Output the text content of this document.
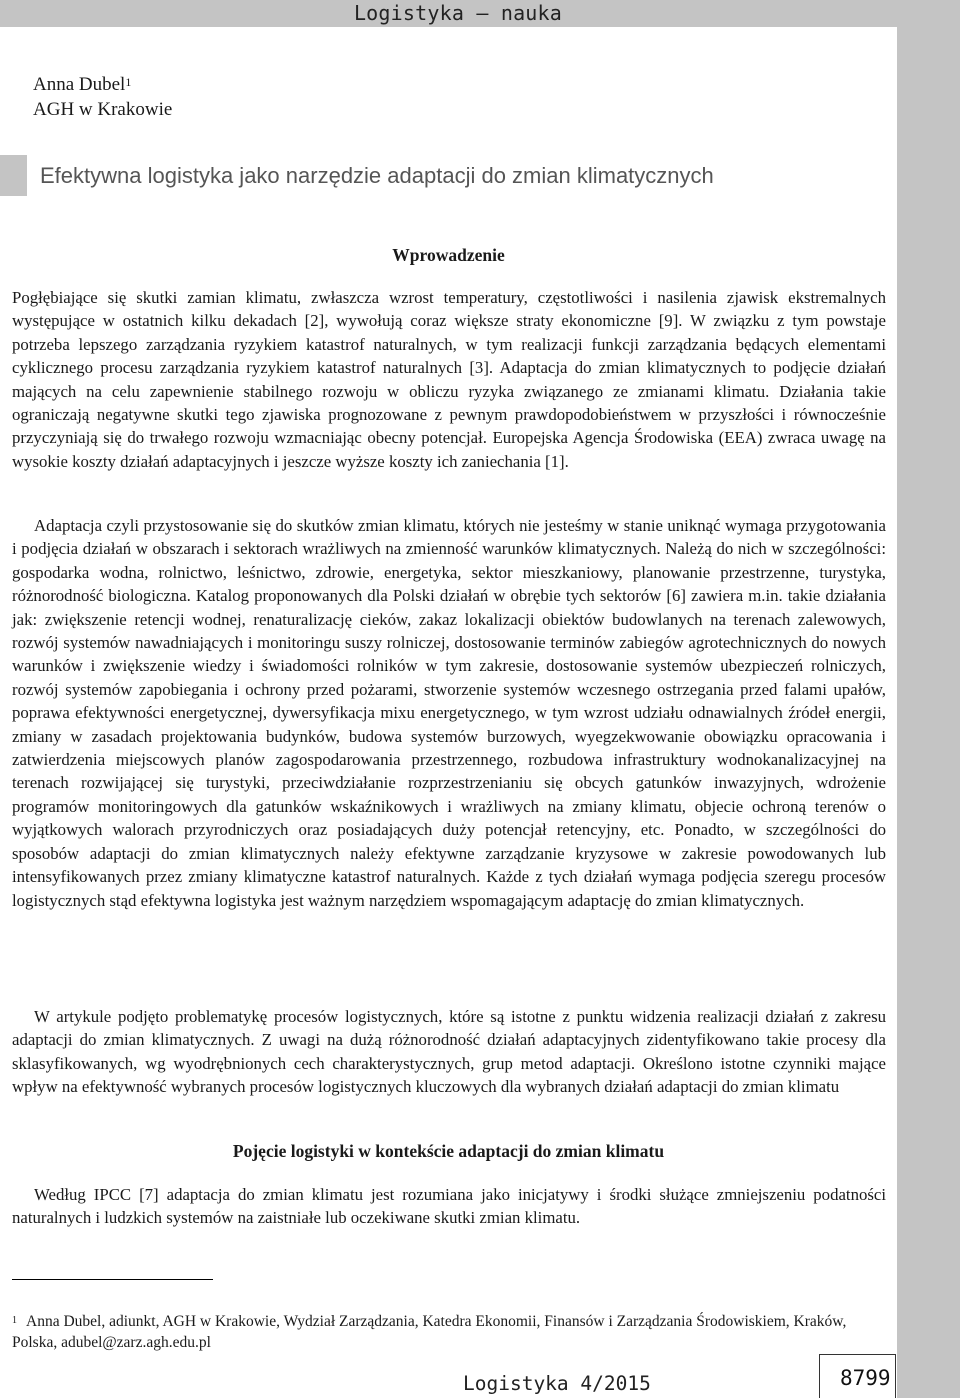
Logistyka – nauka
Anna Dubel$^1$
AGH w Krakowie
Efektywna logistyka jako narzędzie adaptacji do zmian klimatycznych
Wprowadzenie

Pogłębiające się skutki zamian klimatu, zwłaszcza wzrost temperatury, częstotliwości i nasilenia zjawisk ekstremalnych występujące w ostatnich kilku dekadach [2], wywołują coraz większe straty ekonomiczne [9]. W związku z tym powstaje potrzeba lepszego zarządzania ryzykiem katastrof naturalnych, w tym realizacji funkcji zarządzania będących elementami cyklicznego procesu zarządzania ryzykiem katastrof naturalnych [3]. Adaptacja do zmian klimatycznych to podjęcie działań mających na celu zapewnienie stabilnego rozwoju w obliczu ryzyka związanego ze zmianami klimatu. Działania takie ograniczają negatywne skutki tego zjawiska prognozowane z pewnym prawdopodobieństwem w przyszłości i równocześnie przyczyniają się do trwałego rozwoju wzmacniając obecny potencjał. Europejska Agencja Środowiska (EEA) zwraca uwagę na wysokie koszty działań adaptacyjnych i jeszcze wyższe koszty ich zaniechania [1].

Adaptacja czyli przystosowanie się do skutków zmian klimatu, których nie jesteśmy w stanie uniknąć wymaga przygotowania i podjęcia działań w obszarach i sektorach wrażliwych na zmienność warunków klimatycznych. Należą do nich w szczególności: gospodarka wodna, rolnictwo, leśnictwo, zdrowie, energetyka, sektor mieszkaniowy, planowanie przestrzenne, turystyka, różnorodność biologiczna. Katalog proponowanych dla Polski działań w obrębie tych sektorów [6] zawiera m.in. takie działania jak: zwiększenie retencji wodnej, renaturalizację cieków, zakaz lokalizacji obiektów budowlanych na terenach zalewowych, rozwój systemów nawadniających i monitoringu suszy rolniczej, dostosowanie terminów zabiegów agrotechnicznych do nowych warunków i zwiększenie wiedzy i świadomości rolników w tym zakresie, dostosowanie systemów ubezpieczeń rolniczych, rozwój systemów zapobiegania i ochrony przed pożarami, stworzenie systemów wczesnego ostrzegania przed falami upałów, poprawa efektywności energetycznej, dywersyfikacja mixu energetycznego, w tym wzrost udziału odnawialnych źródeł energii, zmiany w zasadach projektowania budynków, budowa systemów burzowych, wyegzekwowanie obowiązku opracowania i zatwierdzenia miejscowych planów zagospodarowania przestrzennego, rozbudowa infrastruktury wodnokanalizacyjnej na terenach rozwijającej się turystyki, przeciwdziałanie rozprzestrzenianiu się obcych gatunków inwazyjnych, wdrożenie programów monitoringowych dla gatunków wskaźnikowych i wrażliwych na zmiany klimatu, objecie ochroną terenów o wyjątkowych walorach przyrodniczych oraz posiadających duży potencjał retencyjny, etc. Ponadto, w szczególności do sposobów adaptacji do zmian klimatycznych należy efektywne zarządzanie kryzysowe w zakresie powodowanych lub intensyfikowanych przez zmiany klimatyczne katastrof naturalnych. Każde z tych działań wymaga podjęcia szeregu procesów logistycznych stąd efektywna logistyka jest ważnym narzędziem wspomagającym adaptację do zmian klimatycznych.

W artykule podjęto problematykę procesów logistycznych, które są istotne z punktu widzenia realizacji działań z zakresu adaptacji do zmian klimatycznych. Z uwagi na dużą różnorodność działań adaptacyjnych zidentyfikowano takie procesy dla sklasyfikowanych, wg wyodrębnionych cech charakterystycznych, grup metod adaptacji. Określono istotne czynniki mające wpływ na efektywność wybranych procesów logistycznych kluczowych dla wybranych działań adaptacji do zmian klimatu

Pojęcie logistyki w kontekście adaptacji do zmian klimatu

Według IPCC [7] adaptacja do zmian klimatu jest rozumiana jako inicjatywy i środki służące zmniejszeniu podatności naturalnych i ludzkich systemów na zaistniałe lub oczekiwane skutki zmian klimatu.

$^1$ Anna Dubel, adiunkt, AGH w Krakowie, Wydział Zarządzania, Katedra Ekonomii, Finansów i Zarządzania Środowiskiem, Kraków, Polska, adubel@zarz.agh.edu.pl
Logistyka 4/2015	8799
